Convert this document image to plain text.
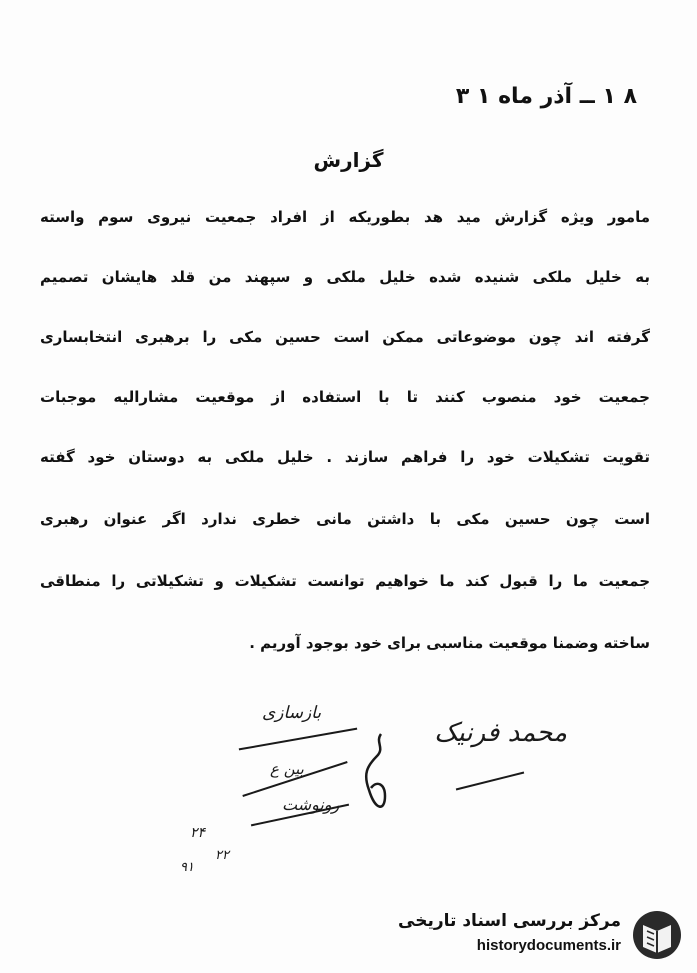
۸ ۱ ــ آذر ماه ۱ ۳
گزارش
مامور ویژه گزارش مید هد بطوریکه از افراد جمعیت نیروی سوم واسته
به خلیل ملکی شنیده شده خلیل ملکی و سپهند من قلد هایشان تصمیم
گرفته اند چون موضوعاتی ممکن است حسین مکی را برهبری انتخابساری
جمعیت خود منصوب کنند تا با استفاده از موقعیت مشاراليه موجبات
تقویت تشکیلات خود را فراهم سازند . خلیل ملکی به دوستان خود گفته
است چون حسین مکی با داشتن مانی خطری ندارد اگر عنوان رهبری
جمعیت ما را قبول کند ما خواهیم توانست تشکیلات و تشکیلاتی را منطاقی
ساخته وضمنا موقعیت مناسبی برای خود بوجود آوریم .
محمد فرنیک
بازسازی
بین ع
رونوشت
۲۴
۲۲
۹۱
مرکز بررسی اسناد تاریخی
historydocuments.ir
